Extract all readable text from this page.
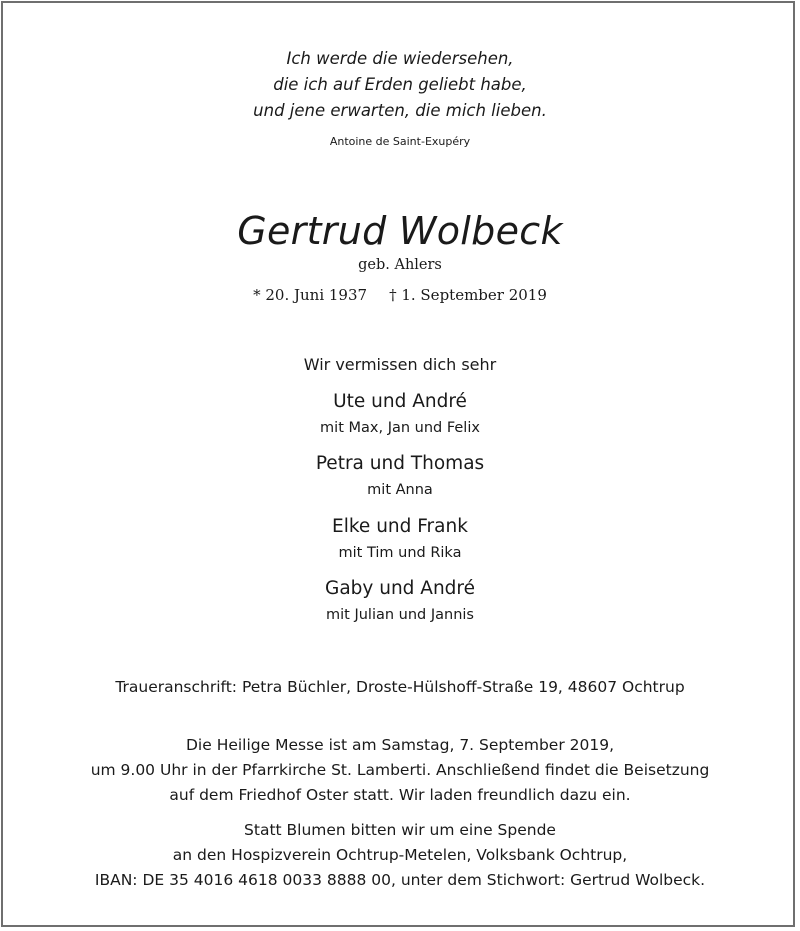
Ich werde die wiedersehen,
die ich auf Erden geliebt habe,
und jene erwarten, die mich lieben.
Antoine de Saint-Exupéry
Gertrud Wolbeck
geb. Ahlers
* 20. Juni 1937 † 1. September 2019
Wir vermissen dich sehr
Ute und André
mit Max, Jan und Felix
Petra und Thomas
mit Anna
Elke und Frank
mit Tim und Rika
Gaby und André
mit Julian und Jannis
Traueranschrift: Petra Büchler, Droste-Hülshoff-Straße 19, 48607 Ochtrup
Die Heilige Messe ist am Samstag, 7. September 2019,
um 9.00 Uhr in der Pfarrkirche St. Lamberti. Anschließend findet die Beisetzung
auf dem Friedhof Oster statt. Wir laden freundlich dazu ein.
Statt Blumen bitten wir um eine Spende
an den Hospizverein Ochtrup-Metelen, Volksbank Ochtrup,
IBAN: DE 35 4016 4618 0033 8888 00, unter dem Stichwort: Gertrud Wolbeck.
